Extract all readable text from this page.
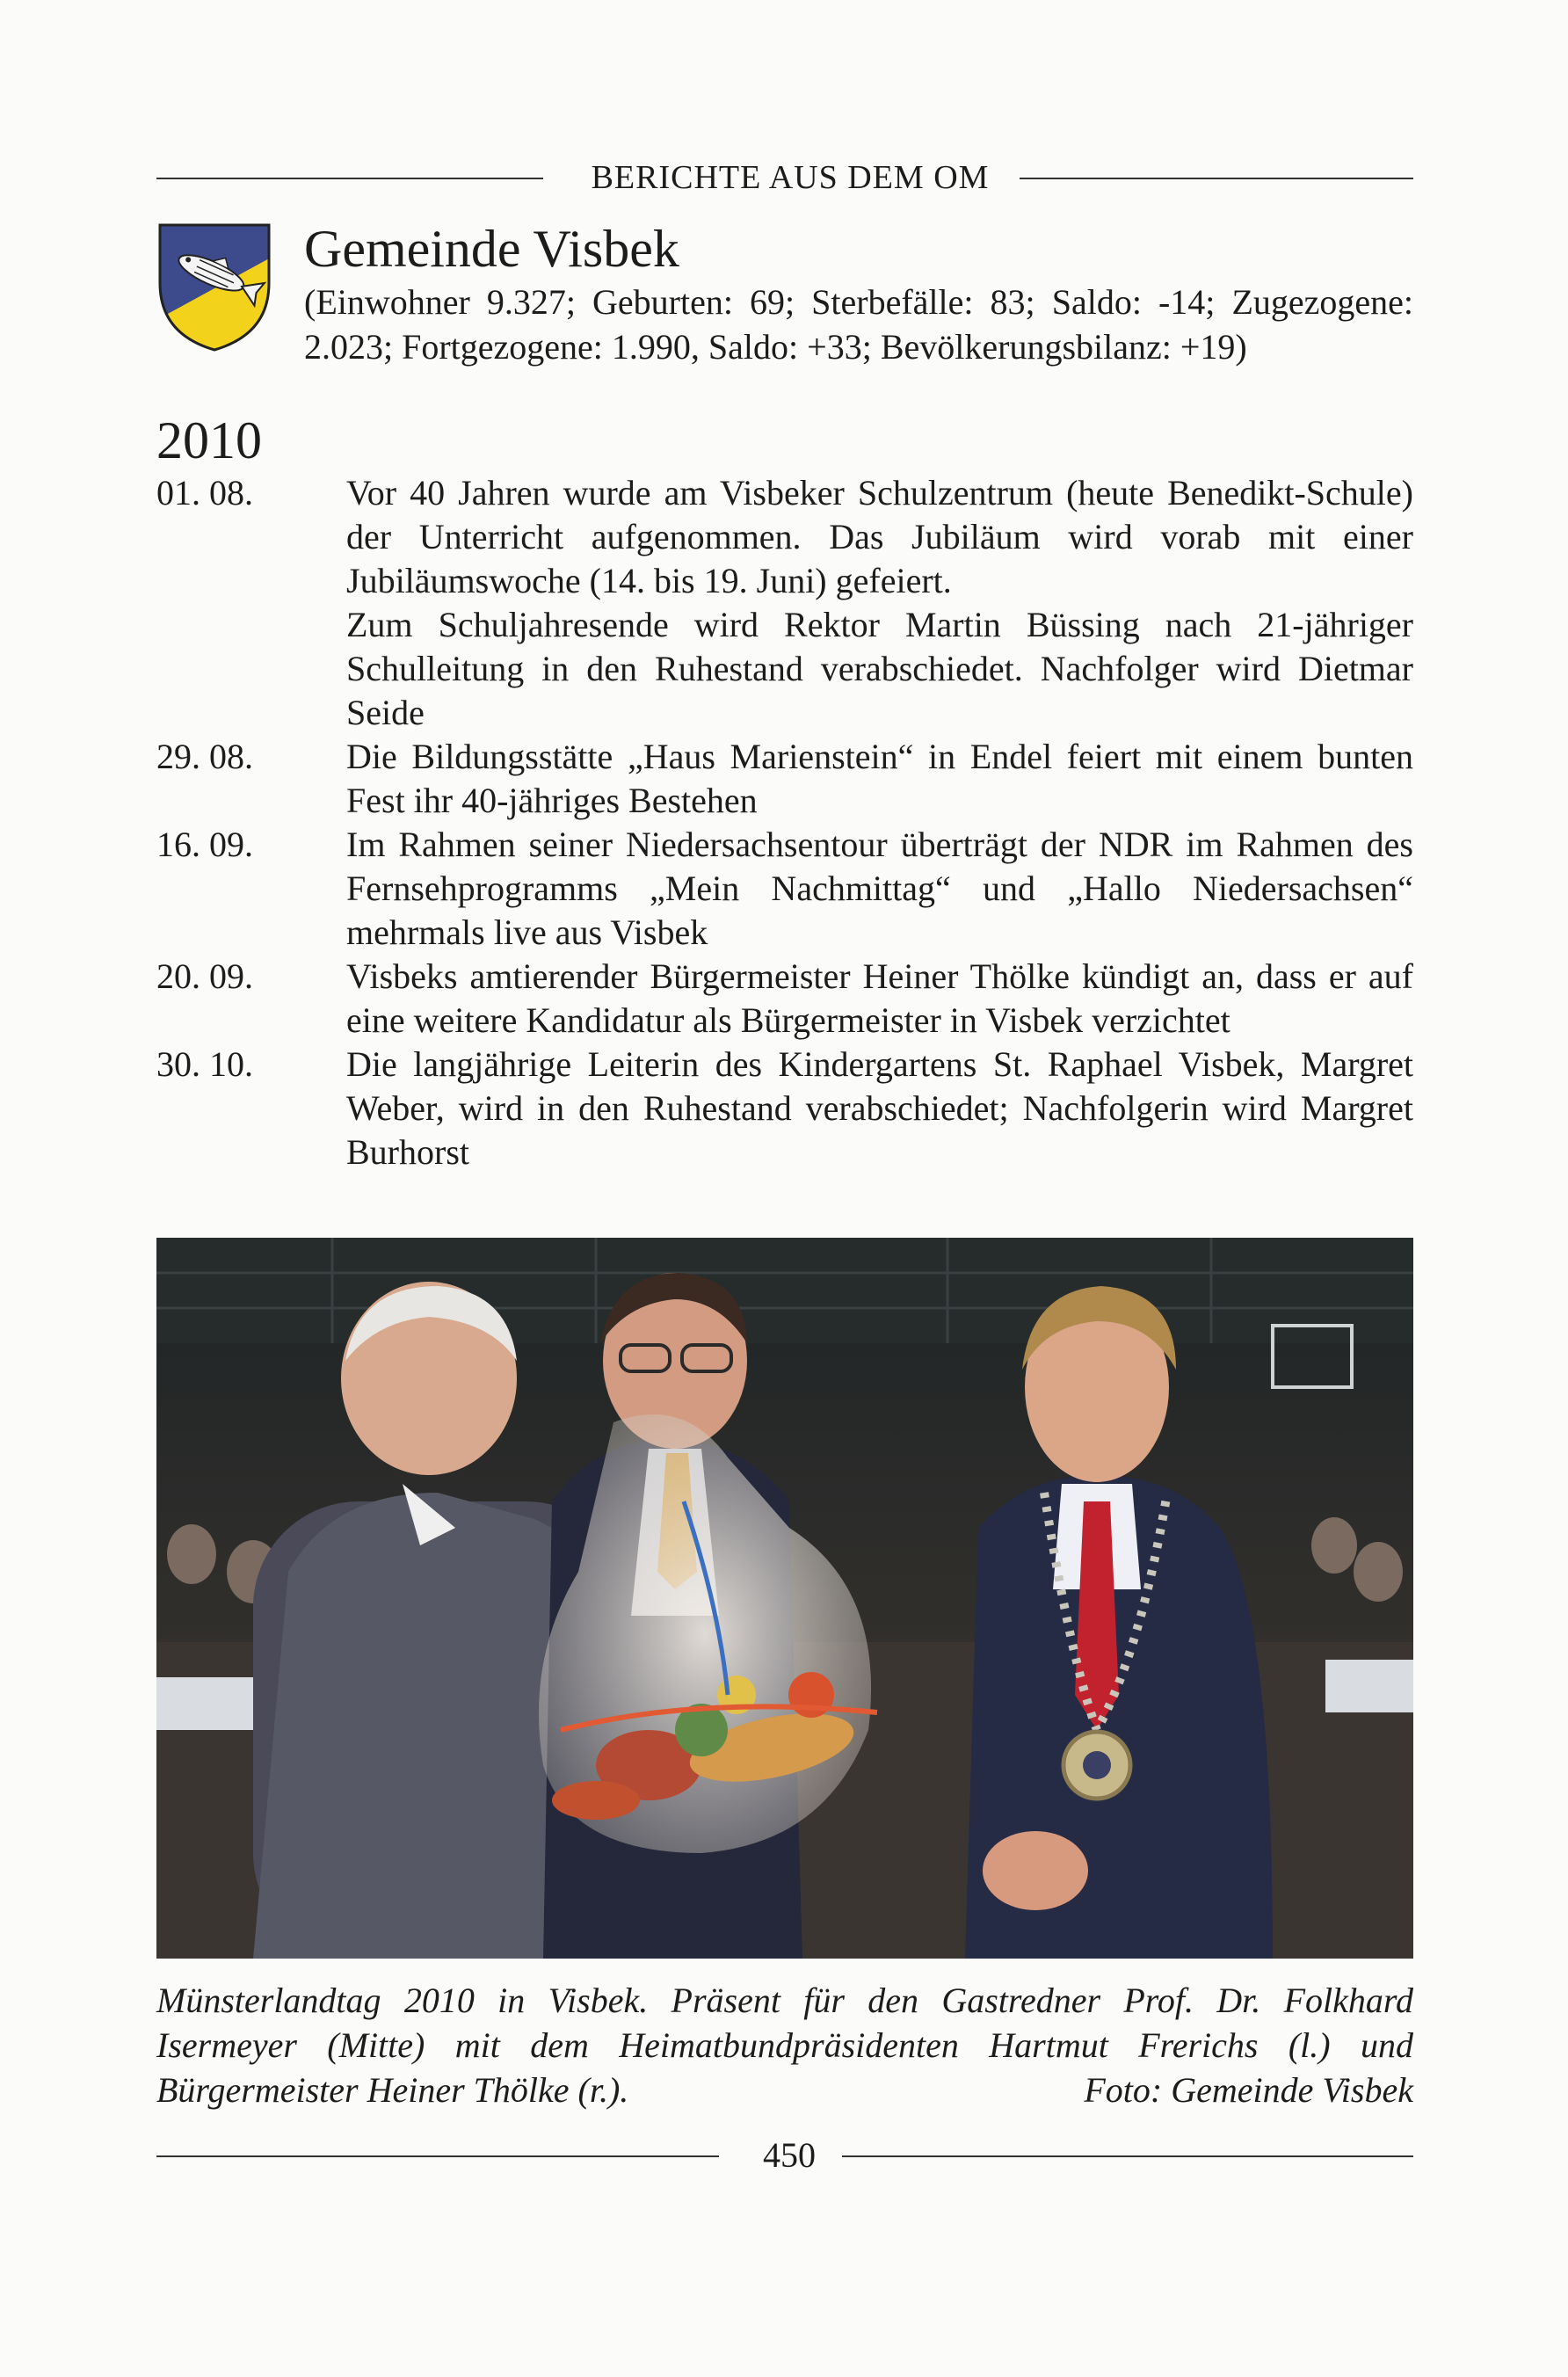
BERICHTE AUS DEM OM
Gemeinde Visbek
(Einwohner 9.327; Geburten: 69; Sterbefälle: 83; Saldo: -14; Zugezogene: 2.023; Fortgezogene: 1.990, Saldo: +33; Bevölkerungsbilanz: +19)
2010
01. 08.	Vor 40 Jahren wurde am Visbeker Schulzentrum (heute Benedikt-Schule) der Unterricht aufgenommen. Das Jubiläum wird vorab mit einer Jubiläumswoche (14. bis 19. Juni) gefeiert.

Zum Schuljahresende wird Rektor Martin Büssing nach 21-jähriger Schulleitung in den Ruhestand verabschiedet. Nachfolger wird Dietmar Seide

29. 08.	Die Bildungsstätte „Haus Marienstein“ in Endel feiert mit einem bunten Fest ihr 40-jähriges Bestehen

16. 09.	Im Rahmen seiner Niedersachsentour überträgt der NDR im Rahmen des Fernsehprogramms „Mein Nachmittag“ und „Hallo Niedersachsen“ mehrmals live aus Visbek

20. 09.	Visbeks amtierender Bürgermeister Heiner Thölke kündigt an, dass er auf eine weitere Kandidatur als Bürgermeister in Visbek verzichtet

30. 10.	Die langjährige Leiterin des Kindergartens St. Raphael Visbek, Margret Weber, wird in den Ruhestand verabschiedet; Nachfolgerin wird Margret Burhorst

Münsterlandtag 2010 in Visbek. Präsent für den Gastredner Prof. Dr. Folkhard Isermeyer (Mitte) mit dem Heimatbundpräsidenten Hartmut Frerichs (l.) und Bürgermeister Heiner Thölke (r.).	Foto: Gemeinde Visbek
450
